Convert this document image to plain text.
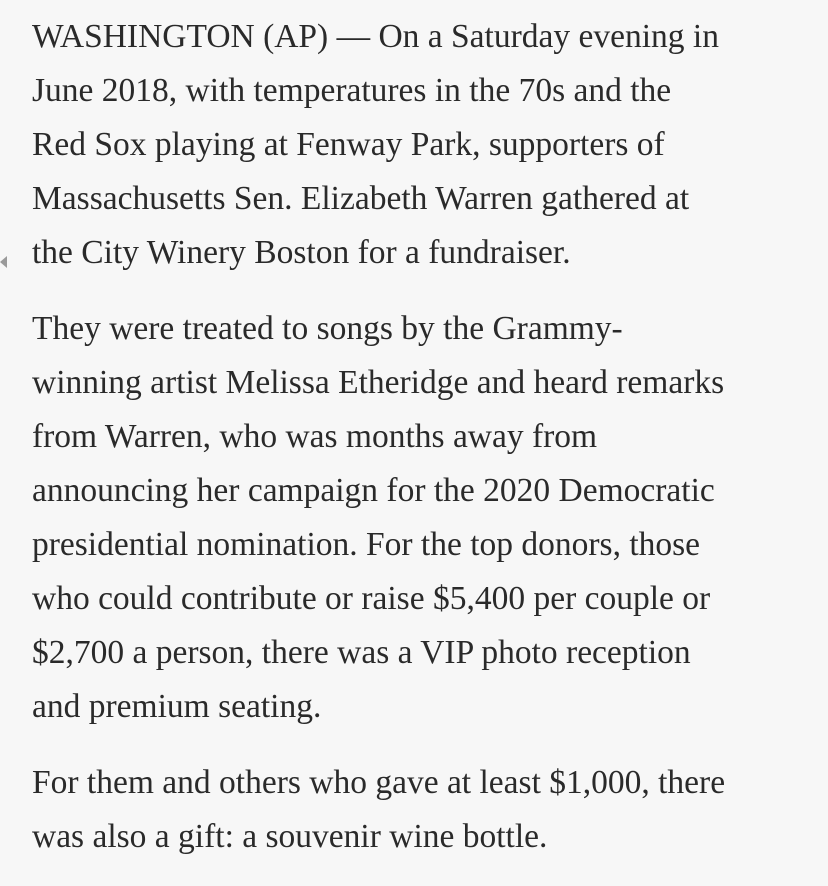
WASHINGTON (AP) — On a Saturday evening in
June 2018, with temperatures in the 70s and the
Red Sox playing at Fenway Park, supporters of
Massachusetts Sen. Elizabeth Warren gathered at
the City Winery Boston for a fundraiser.

They were treated to songs by the Grammy-
winning artist Melissa Etheridge and heard remarks
from Warren, who was months away from
announcing her campaign for the 2020 Democratic
presidential nomination. For the top donors, those
who could contribute or raise $5,400 per couple or
$2,700 a person, there was a VIP photo reception
and premium seating.

For them and others who gave at least $1,000, there
was also a gift: a souvenir wine bottle.
